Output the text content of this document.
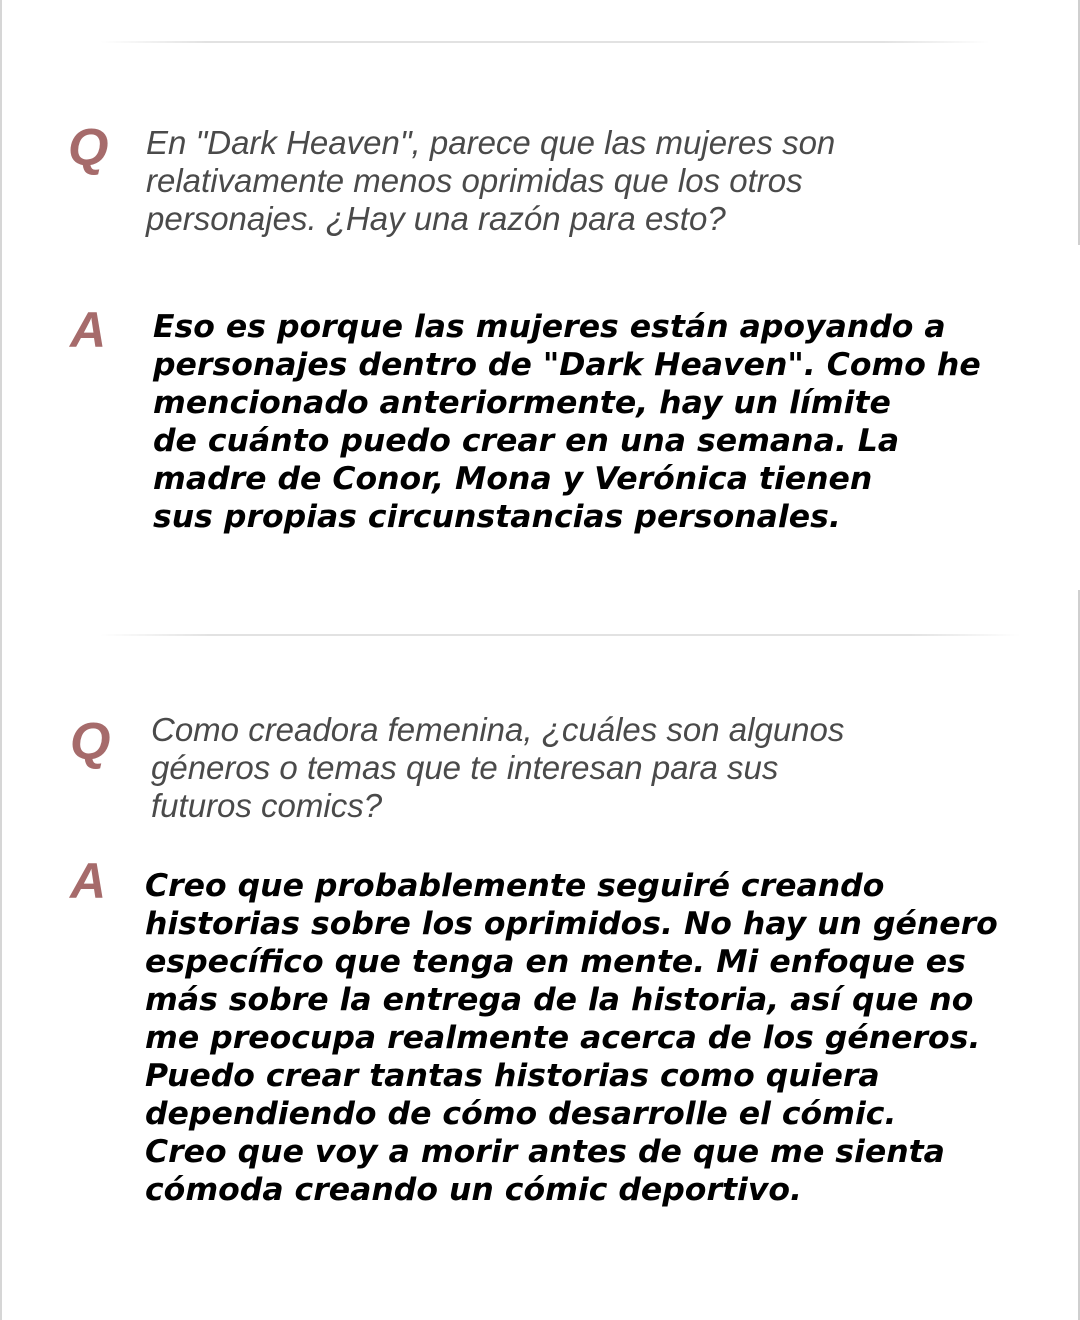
Q En "Dark Heaven", parece que las mujeres son
relativamente menos oprimidas que los otros
personajes. ¿Hay una razón para esto?
A Eso es porque las mujeres están apoyando a
personajes dentro de "Dark Heaven". Como he
mencionado anteriormente, hay un límite
de cuánto puedo crear en una semana. La
madre de Conor, Mona y Verónica tienen
sus propias circunstancias personales.
Q Como creadora femenina, ¿cuáles son algunos
géneros o temas que te interesan para sus
futuros comics?
A Creo que probablemente seguiré creando
historias sobre los oprimidos. No hay un género
específico que tenga en mente. Mi enfoque es
más sobre la entrega de la historia, así que no
me preocupa realmente acerca de los géneros.
Puedo crear tantas historias como quiera
dependiendo de cómo desarrolle el cómic.
Creo que voy a morir antes de que me sienta
cómoda creando un cómic deportivo.
